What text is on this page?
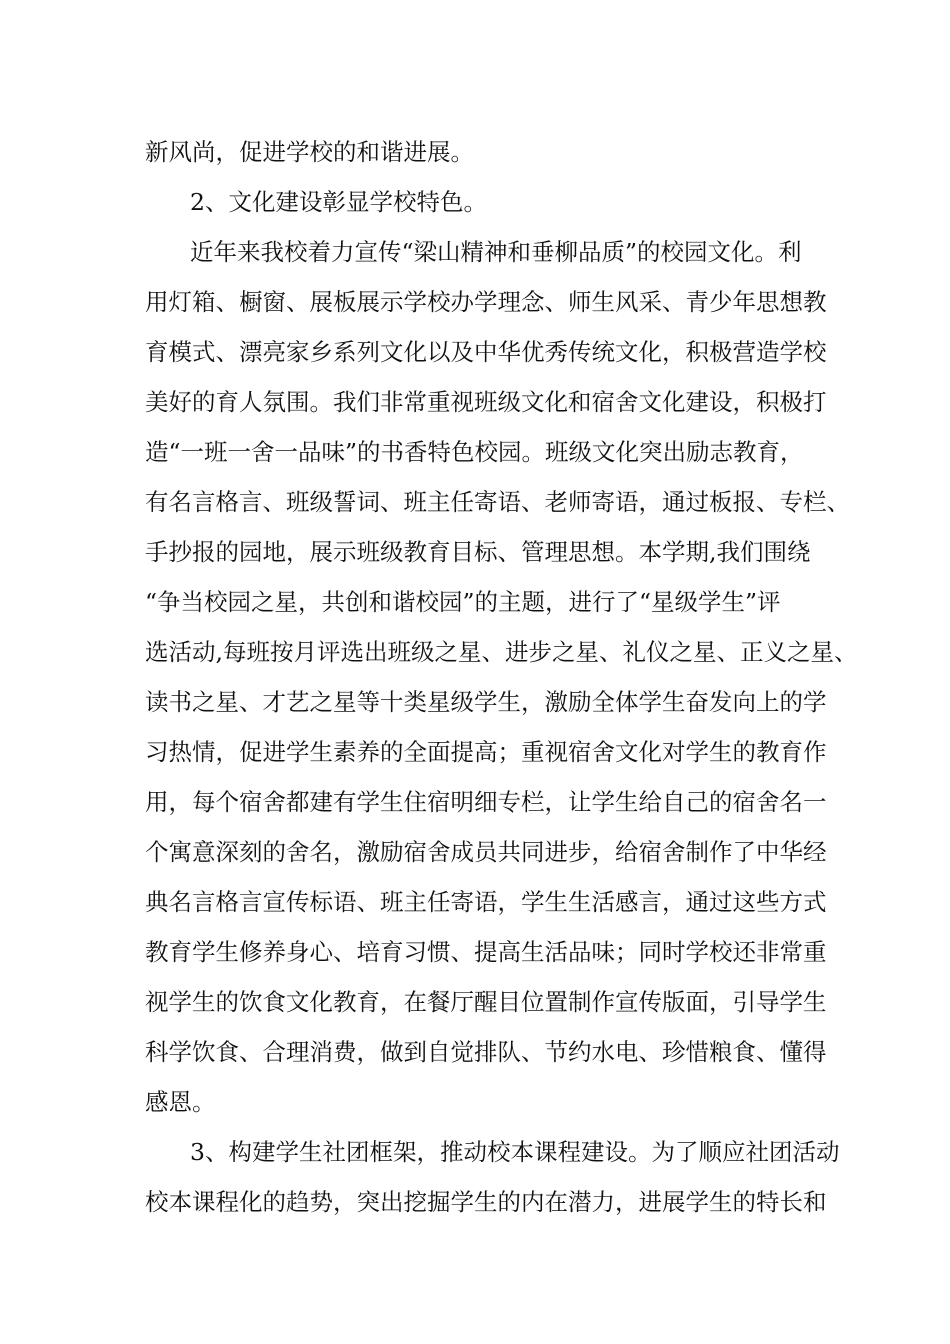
新风尚，促进学校的和谐进展。

2、文化建设彰显学校特色。

近年来我校着力宣传“梁山精神和垂柳品质”的校园文化。利

用灯箱、橱窗、展板展示学校办学理念、师生风采、青少年思想教

育模式、漂亮家乡系列文化以及中华优秀传统文化，积极营造学校

美好的育人氛围。我们非常重视班级文化和宿舍文化建设，积极打

造“一班一舍一品味”的书香特色校园。班级文化突出励志教育，

有名言格言、班级誓词、班主任寄语、老师寄语，通过板报、专栏、

手抄报的园地，展示班级教育目标、管理思想。本学期,我们围绕

“争当校园之星，共创和谐校园”的主题，进行了“星级学生”评

选活动,每班按月评选出班级之星、进步之星、礼仪之星、正义之星、

读书之星、才艺之星等十类星级学生，激励全体学生奋发向上的学

习热情，促进学生素养的全面提高；重视宿舍文化对学生的教育作

用，每个宿舍都建有学生住宿明细专栏，让学生给自己的宿舍名一

个寓意深刻的舍名，激励宿舍成员共同进步，给宿舍制作了中华经

典名言格言宣传标语、班主任寄语，学生生活感言，通过这些方式

教育学生修养身心、培育习惯、提高生活品味；同时学校还非常重

视学生的饮食文化教育，在餐厅醒目位置制作宣传版面，引导学生

科学饮食、合理消费，做到自觉排队、节约水电、珍惜粮食、懂得

感恩。

3、构建学生社团框架，推动校本课程建设。为了顺应社团活动

校本课程化的趋势，突出挖掘学生的内在潜力，进展学生的特长和
